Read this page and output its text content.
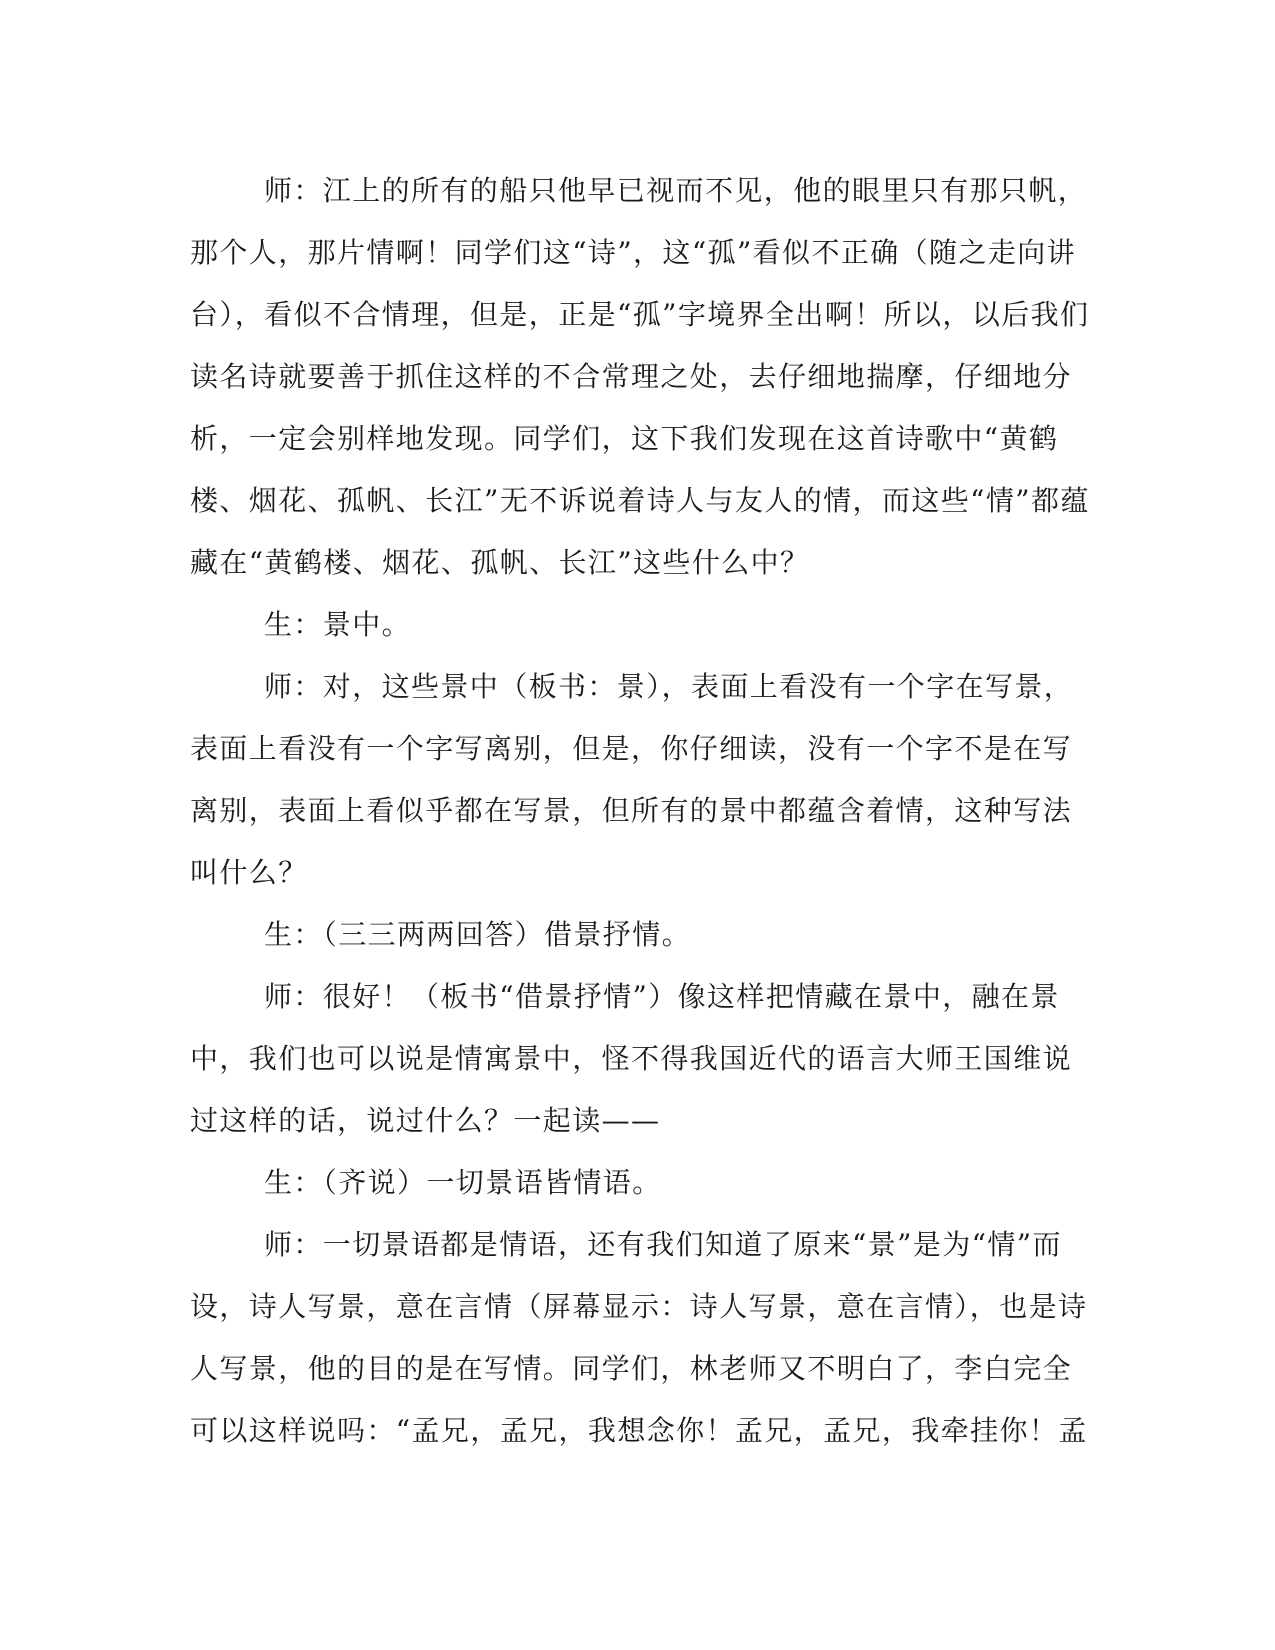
师：江上的所有的船只他早已视而不见，他的眼里只有那只帆，那个人，那片情啊！同学们这“诗”，这“孤”看似不正确（随之走向讲台），看似不合情理，但是，正是“孤”字境界全出啊！所以，以后我们读名诗就要善于抓住这样的不合常理之处，去仔细地揣摩，仔细地分析，一定会别样地发现。同学们，这下我们发现在这首诗歌中“黄鹤楼、烟花、孤帆、长江”无不诉说着诗人与友人的情，而这些“情”都蕴藏在“黄鹤楼、烟花、孤帆、长江”这些什么中？

生：景中。

师：对，这些景中（板书：景），表面上看没有一个字在写景，表面上看没有一个字写离别，但是，你仔细读，没有一个字不是在写离别，表面上看似乎都在写景，但所有的景中都蕴含着情，这种写法叫什么？

生：（三三两两回答）借景抒情。

师：很好！（板书“借景抒情”）像这样把情藏在景中，融在景中，我们也可以说是情寓景中，怪不得我国近代的语言大师王国维说过这样的话，说过什么？一起读——

生：（齐说）一切景语皆情语。

师：一切景语都是情语，还有我们知道了原来“景”是为“情”而设，诗人写景，意在言情（屏幕显示：诗人写景，意在言情），也是诗人写景，他的目的是在写情。同学们，林老师又不明白了，李白完全可以这样说吗：“孟兄，孟兄，我想念你！孟兄，孟兄，我牵挂你！孟
